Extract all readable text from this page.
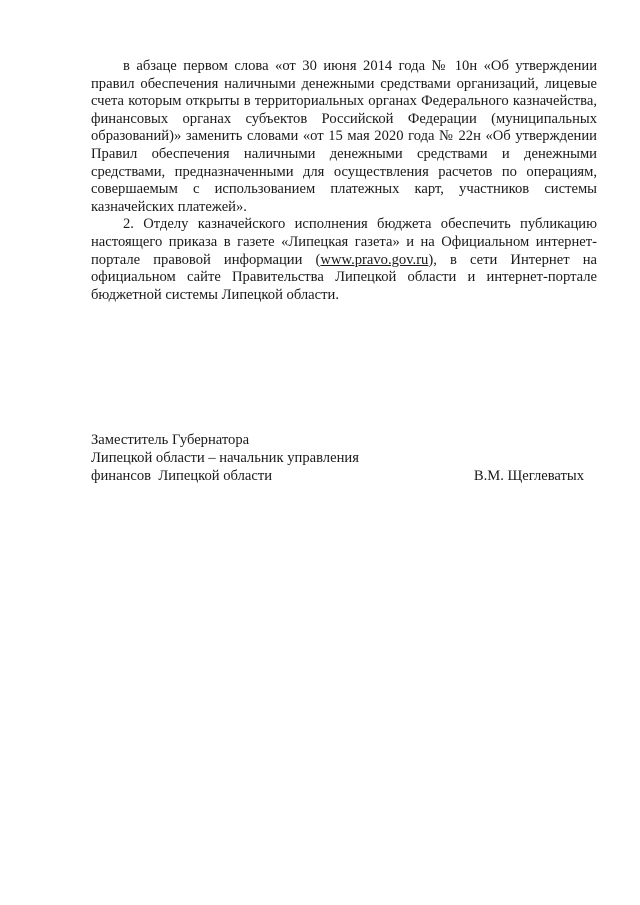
в абзаце первом слова «от 30 июня 2014 года № 10н «Об утверждении правил обеспечения наличными денежными средствами организаций, лицевые счета которым открыты в территориальных органах Федерального казначейства, финансовых органах субъектов Российской Федерации (муниципальных образований)» заменить словами «от 15 мая 2020 года № 22н «Об утверждении Правил обеспечения наличными денежными средствами и денежными средствами, предназначенными для осуществления расчетов по операциям, совершаемым с использованием платежных карт, участников системы казначейских платежей».

2. Отделу казначейского исполнения бюджета обеспечить публикацию настоящего приказа в газете «Липецкая газета» и на Официальном интернет-портале правовой информации (www.pravo.gov.ru), в сети Интернет на официальном сайте Правительства Липецкой области и интернет-портале бюджетной системы Липецкой области.

Заместитель Губернатора
Липецкой области – начальник управления
финансов  Липецкой области	В.М. Щеглеватых
